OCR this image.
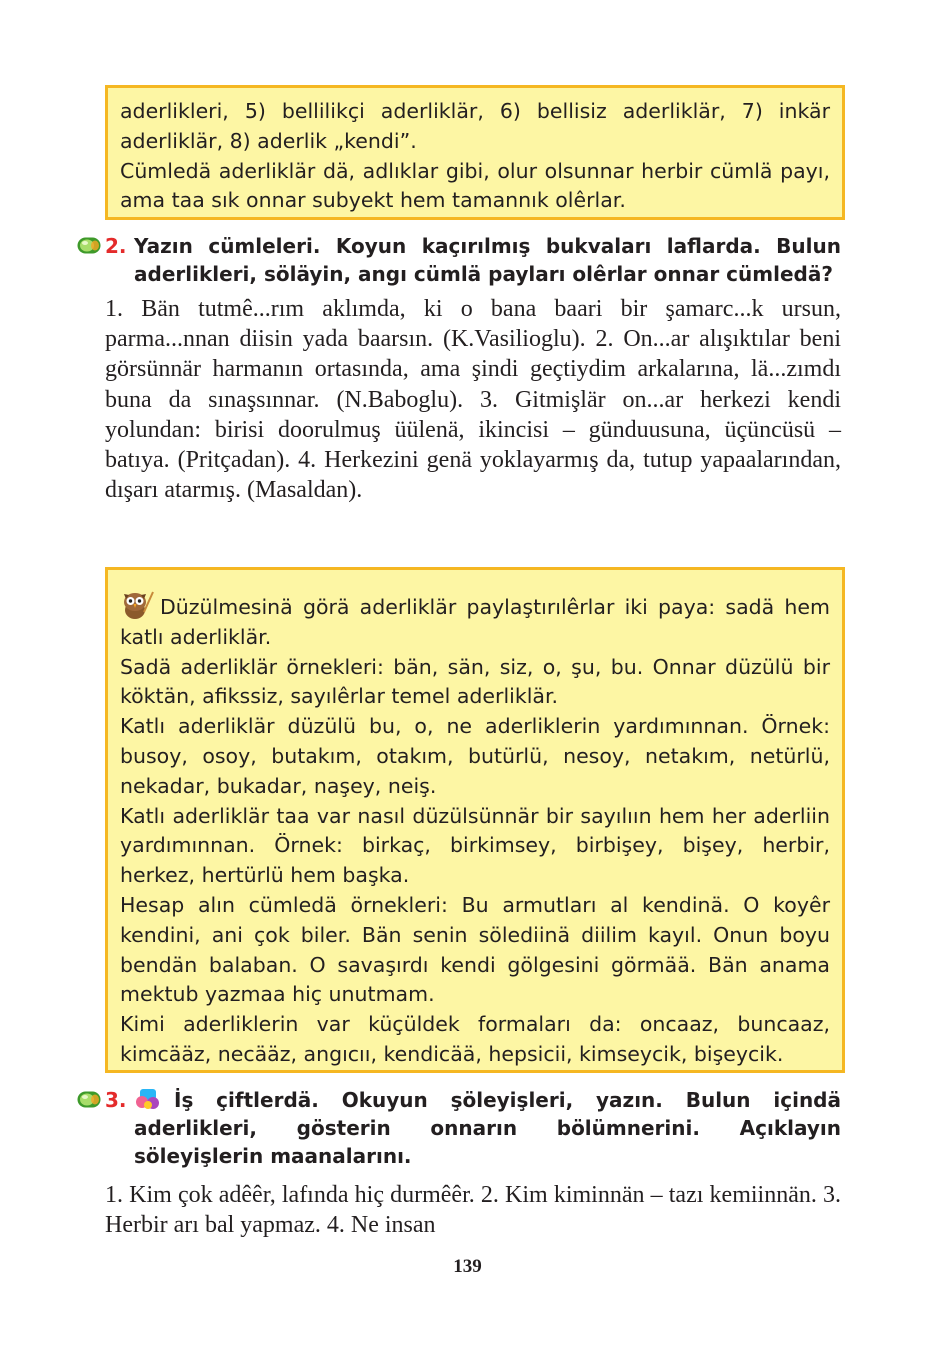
aderlikleri, 5) bellilikçi aderliklär, 6) bellisiz aderliklär, 7) inkär aderliklär, 8) aderlik „kendi”.

Cümledä aderliklär dä, adlıklar gibi, olur olsunnar herbir cümlä payı, ama taa sık onnar subyekt hem tamannık olêrlar.

2. Yazın cümleleri. Koyun kaçırılmış bukvaları laflarda. Bulun aderlikleri, söläyin, angı cümlä payları olêrlar onnar cümledä?

1. Bän tutmê...rım aklımda, ki o bana baari bir şamarc...k ursun, parma...nnan diisin yada baarsın. (K.Vasilioglu). 2. On...ar alışıktılar beni görsünnär harmanın ortasında, ama şindi geçtiydim arkalarına, lä...zımdı buna da sınaşsınnar. (N.Baboglu). 3. Gitmişlär on...ar herkezi kendi yolundan: birisi doorulmuş üülenä, ikincisi – günduusuna, üçüncüsü – batıya. (Pritçadan). 4. Herkezini genä yoklayarmış da, tutup yapaalarından, dışarı atarmış. (Masaldan).

Düzülmesinä görä aderliklär paylaştırılêrlar iki paya: sadä hem katlı aderliklär.

Sadä aderliklär örnekleri: bän, sän, siz, o, şu, bu. Onnar düzülü bir köktän, afikssiz, sayılêrlar temel aderliklär.

Katlı aderliklär düzülü bu, o, ne aderliklerin yardımınnan. Örnek: busoy, osoy, butakım, otakım, butürlü, nesoy, netakım, netürlü, nekadar, bukadar, naşey, neiş.

Katlı aderliklär taa var nasıl düzülsünnär bir sayılıın hem her aderliin yardımınnan. Örnek: birkaç, birkimsey, birbişey, bişey, herbir, herkez, hertürlü hem başka.

Hesap alın cümledä örnekleri: Bu armutları al kendinä. O koyêr kendini, ani çok biler. Bän senin sölediinä diilim kayıl. Onun boyu bendän balaban. O savaşırdı kendi gölgesini görmää. Bän anama mektub yazmaa hiç unutmam.

Kimi aderliklerin var küçüldek formaları da: oncaaz, buncaaz, kimcääz, necääz, angıcıı, kendicää, hepsicii, kimseycik, bişeycik.

3.	İş çiftlerdä. Okuyun şöleyişleri, yazın. Bulun içindä aderlikleri, gösterin onnarın bölümnerini. Açıklayın söleyişlerin maanalarını.

1. Kim çok adêêr, lafında hiç durmêêr. 2. Kim kiminnän – tazı kemiinnän. 3. Herbir arı bal yapmaz. 4. Ne insan

139
